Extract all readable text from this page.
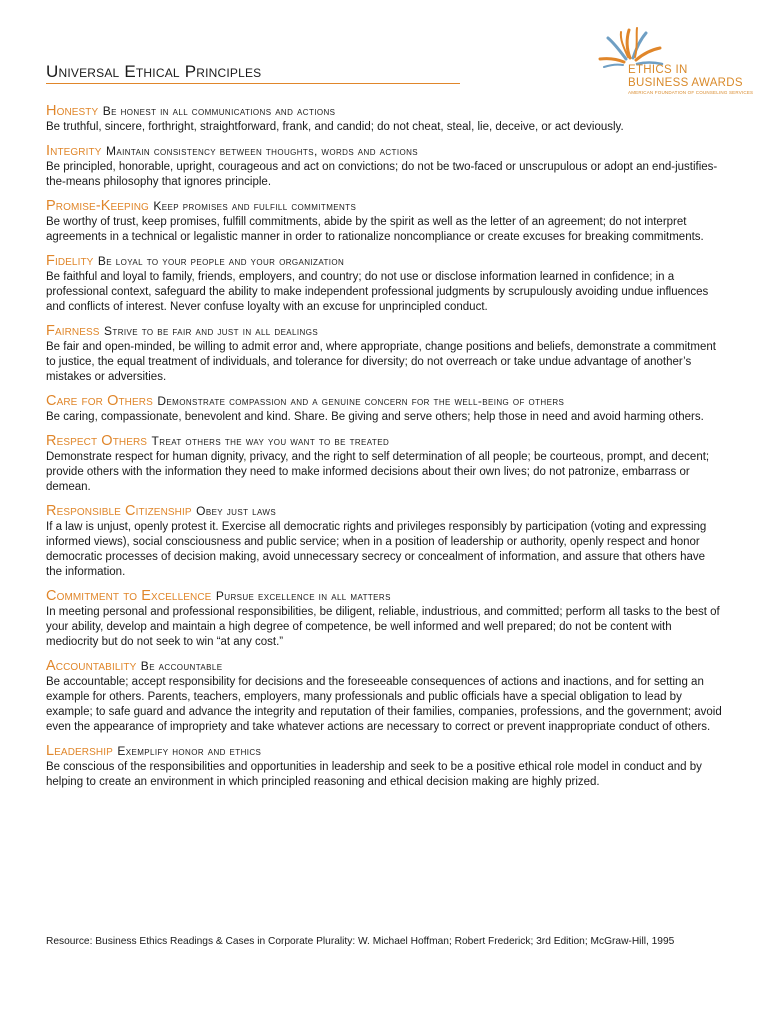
Universal Ethical Principles	ETHICS IN
BUSINESS AWARDS
AMERICAN FOUNDATION OF COUNSELING SERVICES
Honesty Be honest in all communications and actions
Be truthful, sincere, forthright, straightforward, frank, and candid; do not cheat, steal, lie, deceive, or act deviously.
Integrity Maintain consistency between thoughts, words and actions
Be principled, honorable, upright, courageous and act on convictions; do not be two-faced or unscrupulous or adopt an end-justifies-the-means philosophy that ignores principle.
Promise-Keeping Keep promises and fulfill commitments
Be worthy of trust, keep promises, fulfill commitments, abide by the spirit as well as the letter of an agreement; do not interpret agreements in a technical or legalistic manner in order to rationalize noncompliance or create excuses for breaking commitments.
Fidelity Be loyal to your people and your organization
Be faithful and loyal to family, friends, employers, and country; do not use or disclose information learned in confidence; in a professional context, safeguard the ability to make independent professional judgments by scrupulously avoiding undue influences and conflicts of interest. Never confuse loyalty with an excuse for unprincipled conduct.
Fairness Strive to be fair and just in all dealings
Be fair and open-minded, be willing to admit error and, where appropriate, change positions and beliefs, demonstrate a commitment to justice, the equal treatment of individuals, and tolerance for diversity; do not overreach or take undue advantage of another’s mistakes or adversities.
Care for Others Demonstrate compassion and a genuine concern for the well-being of others
Be caring, compassionate, benevolent and kind. Share. Be giving and serve others; help those in need and avoid harming others.
Respect Others Treat others the way you want to be treated
Demonstrate respect for human dignity, privacy, and the right to self determination of all people; be courteous, prompt, and decent; provide others with the information they need to make informed decisions about their own lives; do not patronize, embarrass or demean.
Responsible Citizenship Obey just laws
If a law is unjust, openly protest it. Exercise all democratic rights and privileges responsibly by participation (voting and expressing informed views), social consciousness and public service; when in a position of leadership or authority, openly respect and honor democratic processes of decision making, avoid unnecessary secrecy or concealment of information, and assure that others have the information.
Commitment to Excellence Pursue excellence in all matters
In meeting personal and professional responsibilities, be diligent, reliable, industrious, and committed; perform all tasks to the best of your ability, develop and maintain a high degree of competence, be well informed and well prepared; do not be content with mediocrity but do not seek to win “at any cost.”
Accountability Be accountable
Be accountable; accept responsibility for decisions and the foreseeable consequences of actions and inactions, and for setting an example for others. Parents, teachers, employers, many professionals and public officials have a special obligation to lead by example; to safe guard and advance the integrity and reputation of their families, companies, professions, and the government; avoid even the appearance of impropriety and take whatever actions are necessary to correct or prevent inappropriate conduct of others.
Leadership Exemplify honor and ethics
Be conscious of the responsibilities and opportunities in leadership and seek to be a positive ethical role model in conduct and by helping to create an environment in which principled reasoning and ethical decision making are highly prized.
Resource: Business Ethics Readings & Cases in Corporate Plurality: W. Michael Hoffman; Robert Frederick; 3rd Edition; McGraw-Hill, 1995
